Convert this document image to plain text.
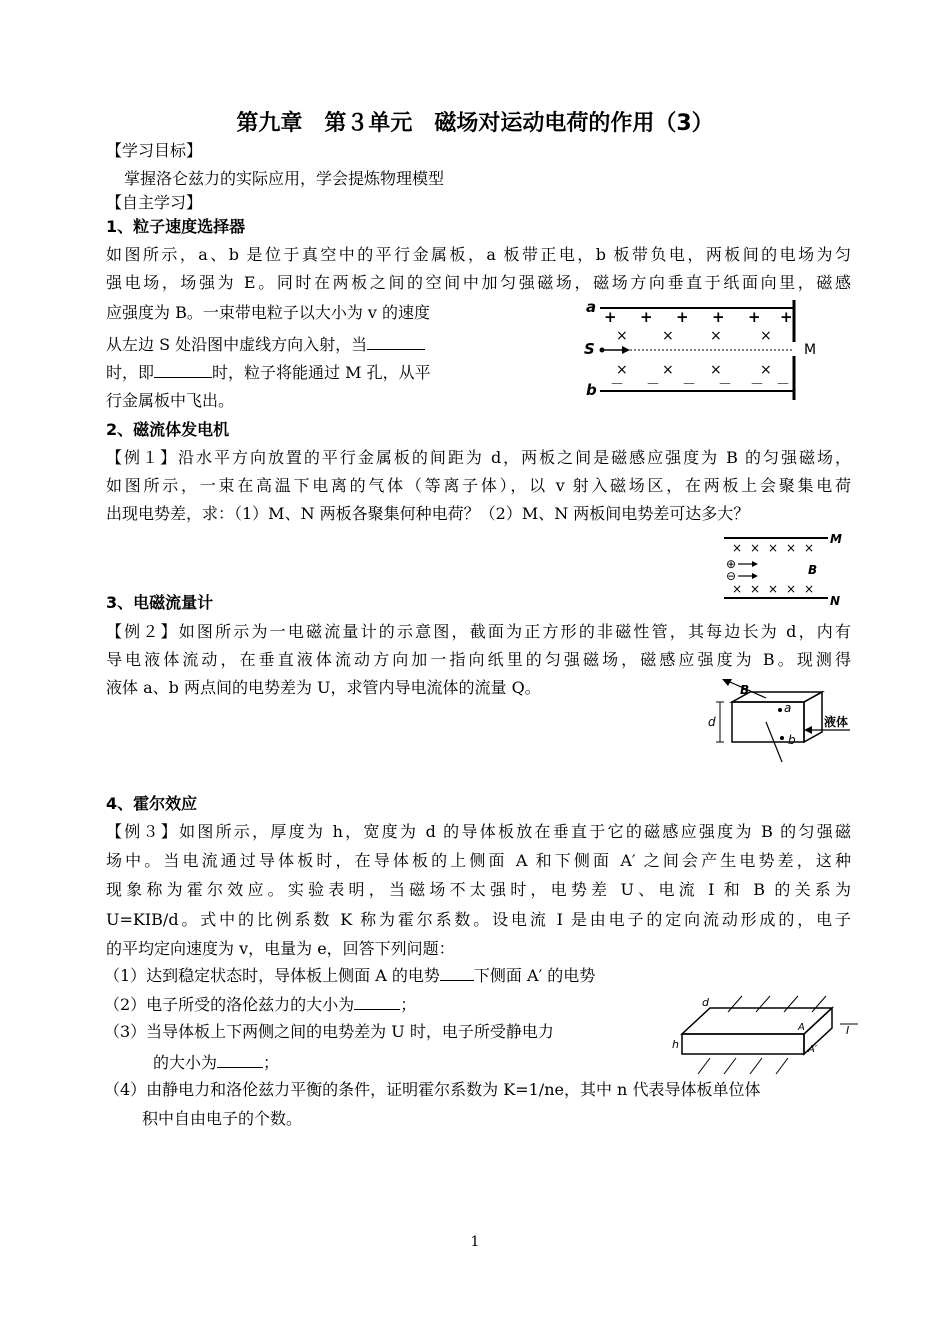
第九章　第３单元　磁场对运动电荷的作用（3）
【学习目标】
掌握洛仑兹力的实际应用，学会提炼物理模型
【自主学习】
1、粒子速度选择器
如图所示，a、b 是位于真空中的平行金属板，a 板带正电，b 板带负电，两板间的电场为匀
强电场，场强为 E。同时在两板之间的空间中加匀强磁场，磁场方向垂直于纸面向里，磁感
应强度为 B。一束带电粒子以大小为 v 的速度
从左边 S 处沿图中虚线方向入射，当
时，即	时，粒子将能通过 M 孔，从平
行金属板中飞出。
a
b
S	M
+ + + + + +
× ×	×	×
× ×	×	×
－ － － － － －
2、磁流体发电机
【例１】沿水平方向放置的平行金属板的间距为 d，两板之间是磁感应强度为 B 的匀强磁场，
如图所示，一束在高温下电离的气体（等离子体），以 v 射入磁场区，在两板上会聚集电荷
出现电势差，求：（1）M、N 两板各聚集何种电荷？（2）M、N 两板间电势差可达多大？
M
N
× × × × ×
× × × × ×
⊕
⊖	B
3、电磁流量计
【例２】如图所示为一电磁流量计的示意图，截面为正方形的非磁性管，其每边长为 d，内有
导电液体流动，在垂直液体流动方向加一指向纸里的匀强磁场，磁感应强度为 B。现测得
液体 a、b 两点间的电势差为 U，求管内导电流体的流量 Q。
d
B
a
b
液体
4、霍尔效应
【例３】如图所示，厚度为 h，宽度为 d 的导体板放在垂直于它的磁感应强度为 B 的匀强磁
场中。当电流通过导体板时，在导体板的上侧面 A 和下侧面 A′ 之间会产生电势差，这种
现象称为霍尔效应。实验表明，当磁场不太强时，电势差 U、电流 I 和 B 的关系为
U=KIB/d。式中的比例系数 K 称为霍尔系数。设电流 I 是由电子的定向流动形成的，电子
的平均定向速度为 v，电量为 e，回答下列问题：
（1）达到稳定状态时，导体板上侧面 A 的电势 下侧面 A′ 的电势
（2）电子所受的洛伦兹力的大小为	；
（3）当导体板上下两侧之间的电势差为 U 时，电子所受静电力
的大小为	；
（4）由静电力和洛伦兹力平衡的条件，证明霍尔系数为 K=1/ne，其中 n 代表导体板单位体
积中自由电子的个数。
I
d
h
A
A′
1
